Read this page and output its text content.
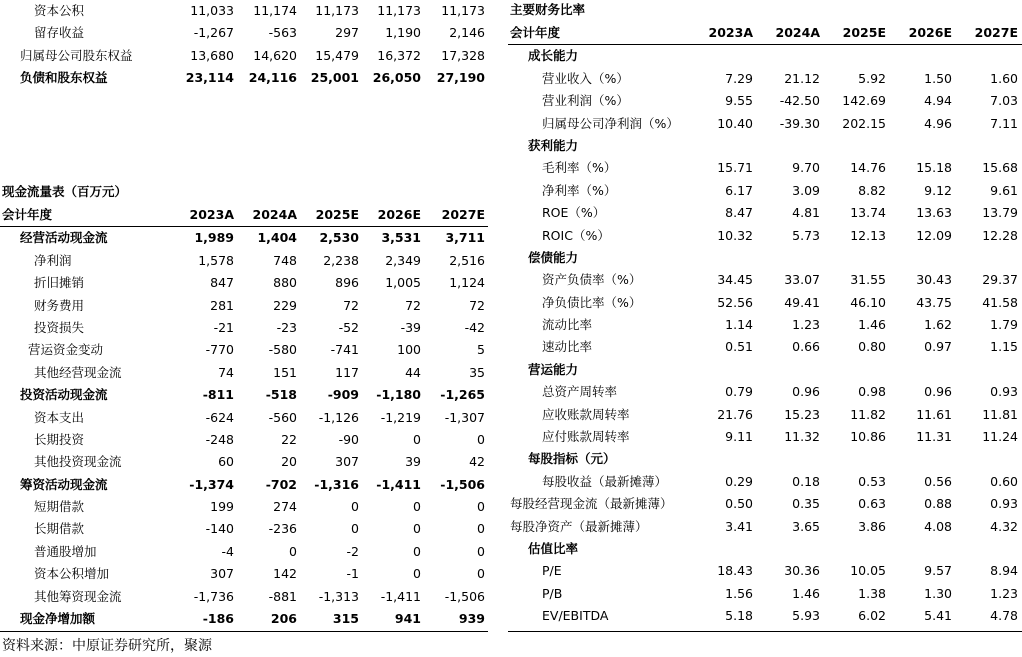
资本公积	11,033 11,174 11,173 11,173 11,173
留存收益	-1,267	-563	297 1,190 2,146
归属母公司股东权益	13,680 14,620 15,479 16,372 17,328
负债和股东权益	23,114 24,116 25,001 26,050 27,190
现金流量表（百万元）
会计年度	2023A 2024A 2025E 2026E 2027E
经营活动现金流	1,989 1,404 2,530 3,531 3,711
净利润	1,578	748 2,238 2,349 2,516
折旧摊销	847	880	896 1,005 1,124
财务费用	281	229	72	72	72
投资损失	-21	-23	-52	-39	-42
营运资金变动	-770	-580	-741	100	5
其他经营现金流	74	151	117	44	35
投资活动现金流	-811	-518 -909 -1,180 -1,265
资本支出	-624	-560 -1,126 -1,219 -1,307
长期投资	-248	22	-90	0	0
其他投资现金流	60	20	307	39	42
筹资活动现金流	-1,374	-702 -1,316 -1,411 -1,506
短期借款	199	274	0	0	0
长期借款	-140	-236	0	0	0
普通股增加	-4	0	-2	0	0
资本公积增加	307	142	-1	0	0
其他筹资现金流	-1,736	-881 -1,313 -1,411 -1,506
现金净增加额	-186	206	315	941	939
主要财务比率
会计年度	2023A 2024A 2025E 2026E 2027E
成长能力
营业收入（%）	7.29 21.12	5.92	1.50	1.60
营业利润（%）	9.55 -42.50 142.69	4.94	7.03
归属母公司净利润（%）	10.40 -39.30 202.15	4.96	7.11
获利能力
毛利率（%）	15.71	9.70 14.76 15.18 15.68
净利率（%）	6.17	3.09	8.82	9.12	9.61
ROE（%）	8.47	4.81 13.74 13.63 13.79
ROIC（%）	10.32	5.73 12.13 12.09 12.28
偿债能力
资产负债率（%）	34.45 33.07 31.55 30.43 29.37
净负债比率（%）	52.56 49.41 46.10 43.75 41.58
流动比率	1.14	1.23	1.46	1.62	1.79
速动比率	0.51	0.66	0.80	0.97	1.15
营运能力
总资产周转率	0.79	0.96	0.98	0.96	0.93
应收账款周转率	21.76 15.23 11.82 11.61 11.81
应付账款周转率	9.11 11.32 10.86 11.31 11.24
每股指标（元）
每股收益（最新摊薄）	0.29	0.18	0.53	0.56	0.60
每股经营现金流（最新摊薄）	0.50	0.35	0.63	0.88	0.93
每股净资产（最新摊薄）	3.41	3.65	3.86	4.08	4.32
估值比率
P/E	18.43 30.36 10.05	9.57	8.94
P/B	1.56	1.46	1.38	1.30	1.23
EV/EBITDA	5.18	5.93	6.02	5.41	4.78
资料来源：中原证券研究所，聚源
